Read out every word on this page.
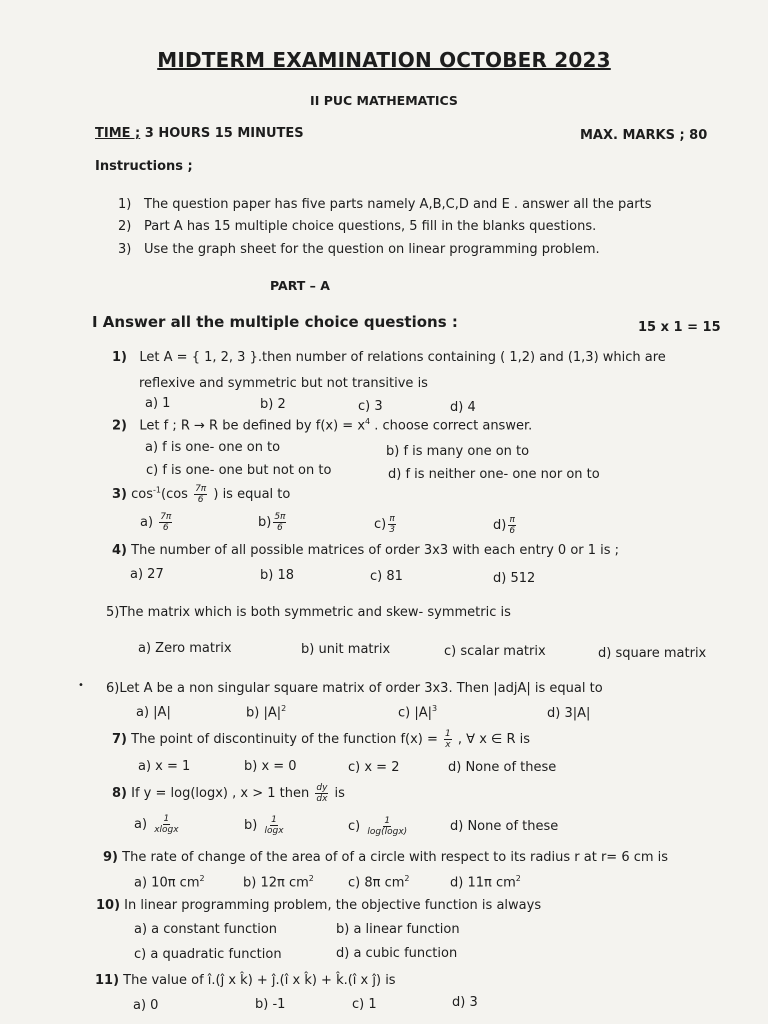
MIDTERM EXAMINATION OCTOBER 2023
II PUC MATHEMATICS
TIME ; 3 HOURS 15 MINUTES	MAX. MARKS ; 80
Instructions ;
1) The question paper has five parts namely A,B,C,D and E . answer all the parts
2) Part A has 15 multiple choice questions, 5 fill in the blanks questions.
3) Use the graph sheet for the question on linear programming problem.
PART – A
I Answer all the multiple choice questions :	15 x 1 = 15
1) Let A = { 1, 2, 3 }.then number of relations containing ( 1,2) and (1,3) which are
reflexive and symmetric but not transitive is
a) 1	b) 2	c) 3	d) 4
2) Let f ; R → R be defined by $f(x) = x^4$ . choose correct answer.
a) f is one- one on to	b) f is many one on to
c) f is one- one but not on to	d) f is neither one- one nor on to
3) $\cos^{-1}(\cos \frac{7\pi}{6}$ ) is equal to
$a) \frac{7\pi}{6}$	$b) \frac{5\pi}{6}$	$c) \frac{\pi}{3}$	$d) \frac{\pi}{6}$
4) The number of all possible matrices of order 3x3 with each entry 0 or 1 is ;
a) 27	b) 18	c) 81	d) 512
5)The matrix which is both symmetric and skew- symmetric is
a) Zero matrix	b) unit matrix	c) scalar matrix	d) square matrix
• 6)Let A be a non singular square matrix of order 3x3. Then |adjA| is equal to
a) |A|	b) $|A|^2$	c) $|A|^3$	d) 3|A|
7) The point of discontinuity of the function $f(x) = \frac{1}{x}$ , ∀ x ∈ R is
a) x = 1	b) x = 0	c) x = 2	d) None of these
8) If y = log(logx) , x > 1 then $\frac{dy}{dx}$ is
$a) \frac{1}{xlogx}$	$b) \frac{1}{\log x}$	$c) \frac{1}{\log(\log x)}$	d) None of these
9) The rate of change of the area of of a circle with respect to its radius r at r= 6 cm is
a) 10π $cm^2$	b) 12π $cm^2$	c) 8π $cm^2$	d) 11π $cm^2$
10) In linear programming problem, the objective function is always
a) a constant function	b) a linear function
c) a quadratic function	d) a cubic function
11) The value of î.(ĵ x k̂) + ĵ.(î x k̂) + k̂.(î x ĵ) is
a) 0	b) -1	c) 1	d) 3
